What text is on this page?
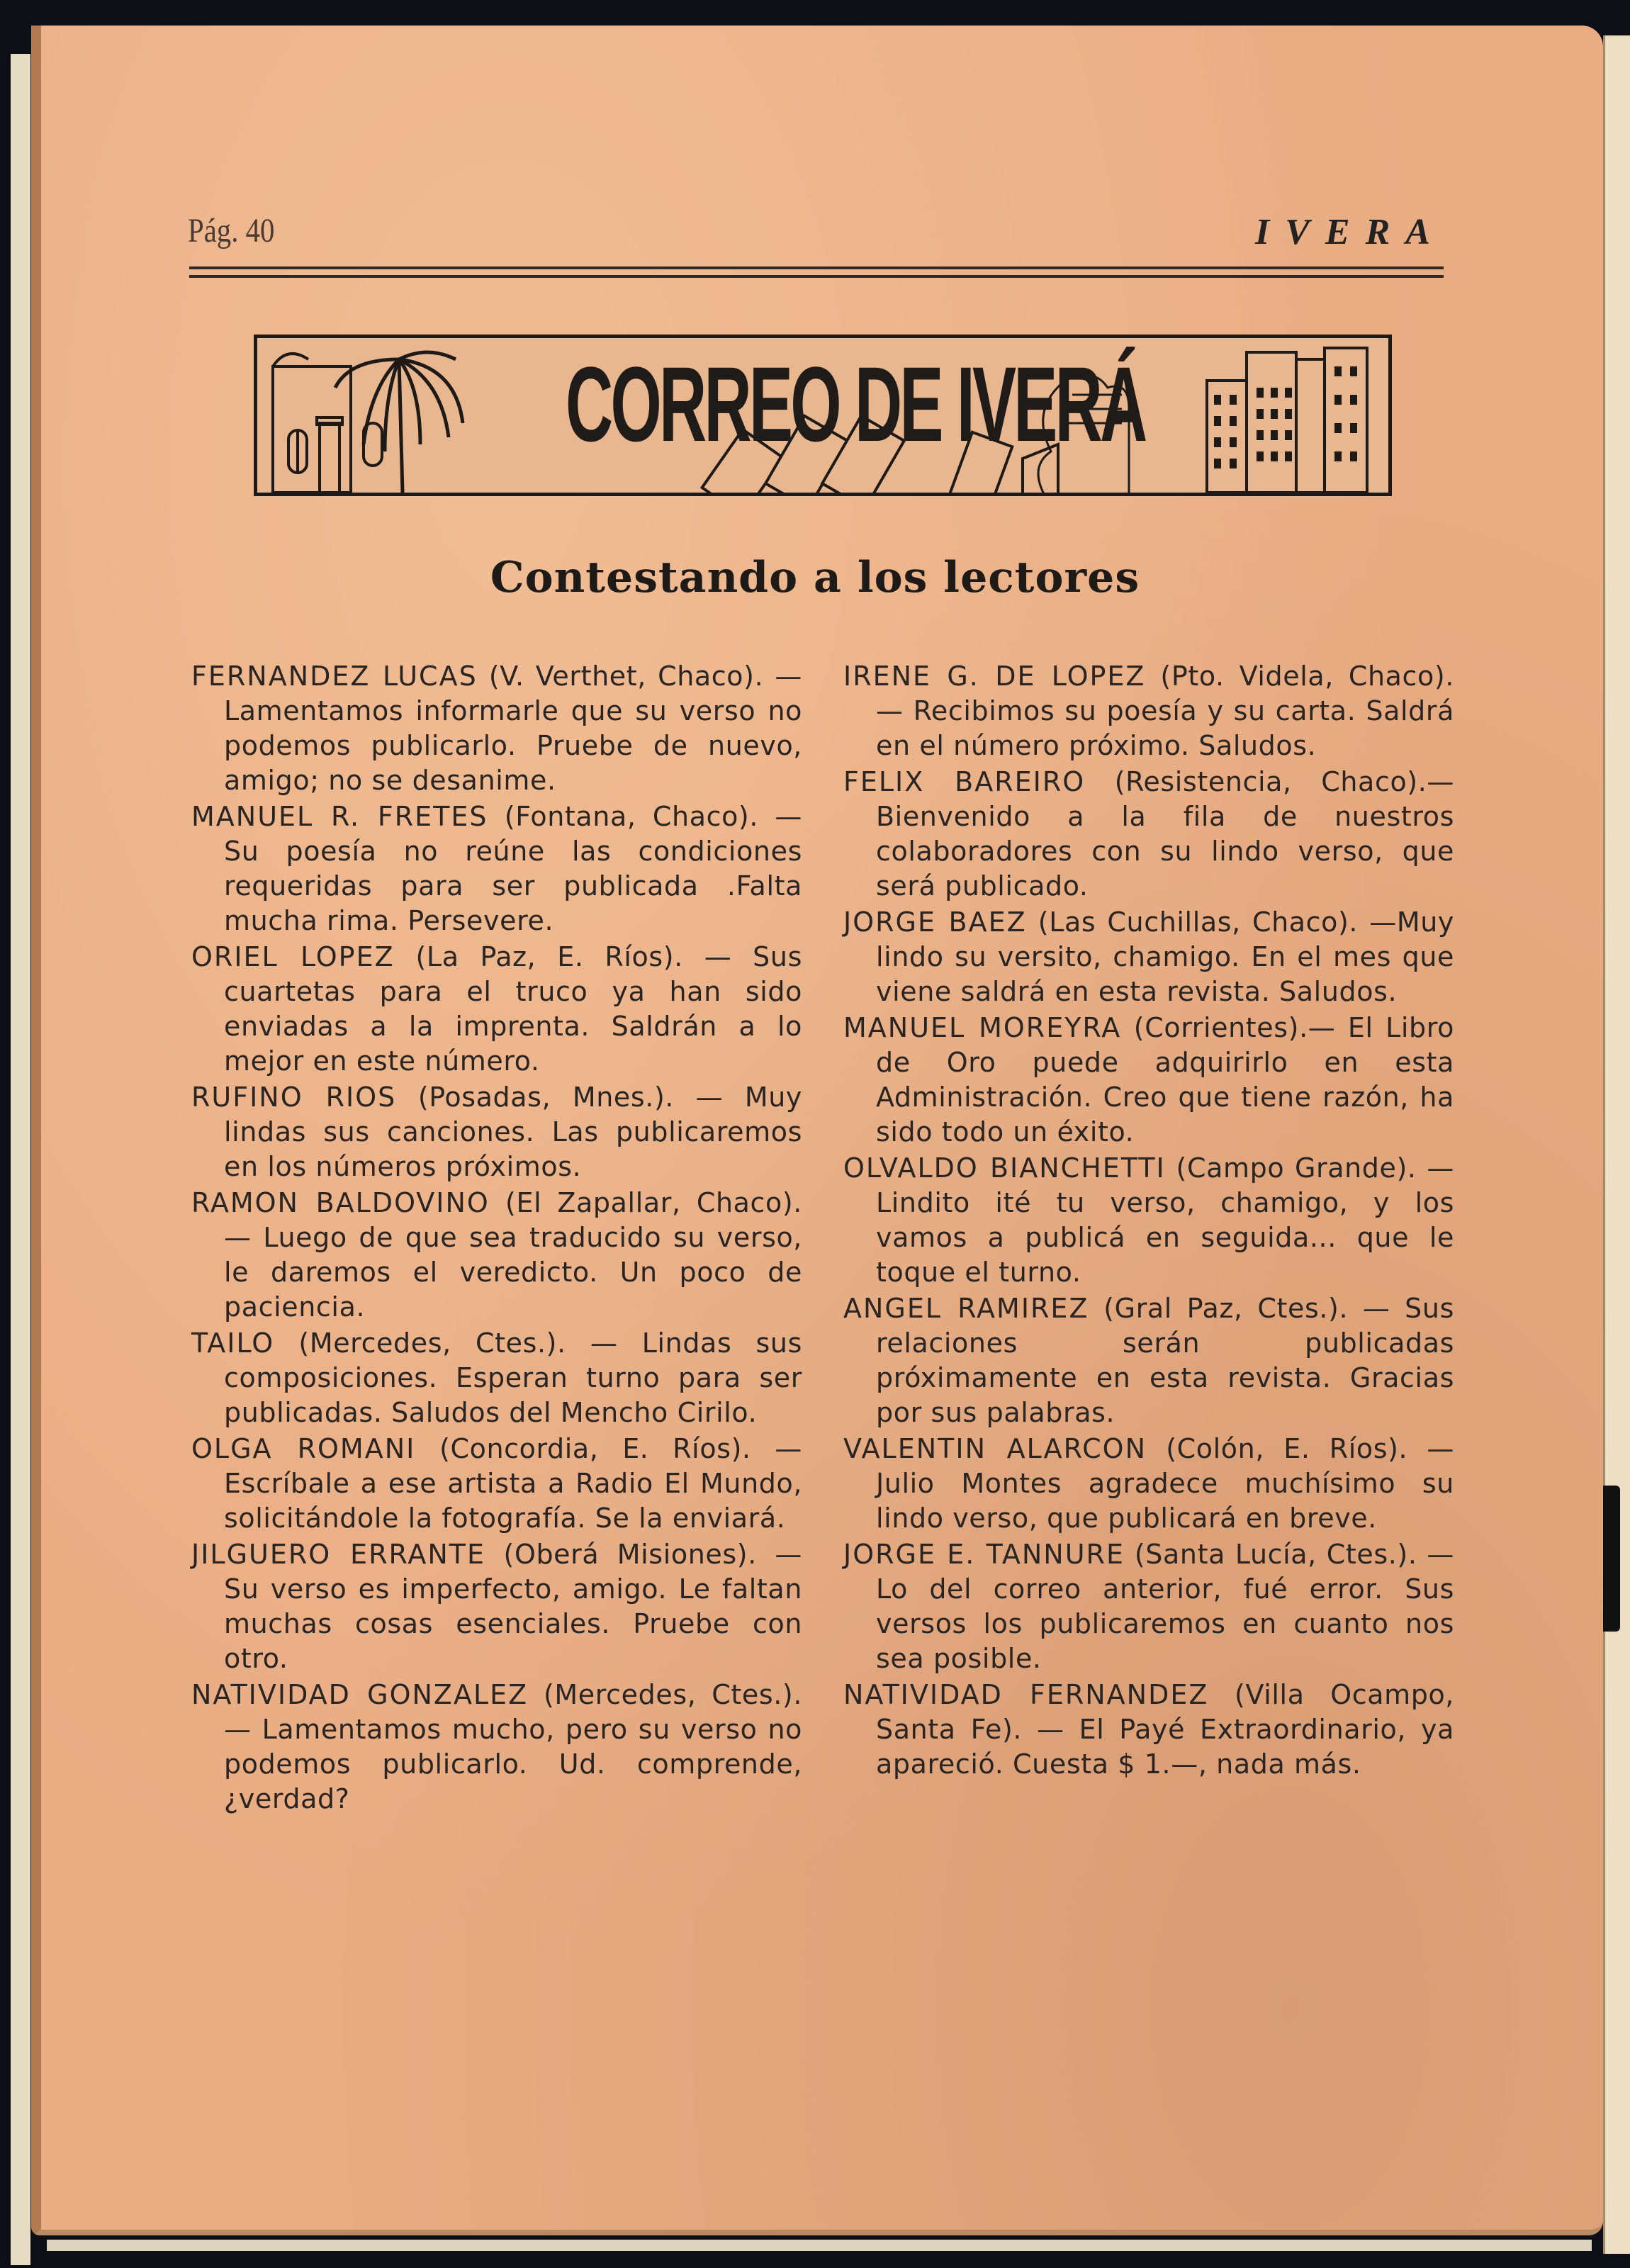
Pág. 40	IVERA
CORREO DE IVERÁ
Contestando a los lectores
FERNANDEZ LUCAS (V. Verthet, Chaco). — Lamentamos informarle que su verso no podemos publicarlo. Pruebe de nuevo, amigo; no se desanime.
MANUEL R. FRETES (Fontana, Chaco). — Su poesía no reúne las condiciones requeridas para ser publicada .Falta mucha rima. Persevere.
ORIEL LOPEZ (La Paz, E. Ríos). — Sus cuartetas para el truco ya han sido enviadas a la imprenta. Saldrán a lo mejor en este número.
RUFINO RIOS (Posadas, Mnes.). — Muy lindas sus canciones. Las publicaremos en los números próximos.
RAMON BALDOVINO (El Zapallar, Chaco). — Luego de que sea traducido su verso, le daremos el veredicto. Un poco de paciencia.
TAILO (Mercedes, Ctes.). — Lindas sus composiciones. Esperan turno para ser publicadas. Saludos del Mencho Cirilo.
OLGA ROMANI (Concordia, E. Ríos). — Escríbale a ese artista a Radio El Mundo, solicitándole la fotografía. Se la enviará.
JILGUERO ERRANTE (Oberá Misiones). — Su verso es imperfecto, amigo. Le faltan muchas cosas esenciales. Pruebe con otro.
NATIVIDAD GONZALEZ (Mercedes, Ctes.). — Lamentamos mucho, pero su verso no podemos publicarlo. Ud. comprende, ¿verdad?
IRENE G. DE LOPEZ (Pto. Videla, Chaco). — Recibimos su poesía y su carta. Saldrá en el número próximo. Saludos.
FELIX BAREIRO (Resistencia, Chaco).—Bienvenido a la fila de nuestros colaboradores con su lindo verso, que será publicado.
JORGE BAEZ (Las Cuchillas, Chaco). —Muy lindo su versito, chamigo. En el mes que viene saldrá en esta revista. Saludos.
MANUEL MOREYRA (Corrientes).— El Libro de Oro puede adquirirlo en esta Administración. Creo que tiene razón, ha sido todo un éxito.
OLVALDO BIANCHETTI (Campo Grande). — Lindito ité tu verso, chamigo, y los vamos a publicá en seguida... que le toque el turno.
ANGEL RAMIREZ (Gral Paz, Ctes.). — Sus relaciones serán publicadas próximamente en esta revista. Gracias por sus palabras.
VALENTIN ALARCON (Colón, E. Ríos). — Julio Montes agradece muchísimo su lindo verso, que publicará en breve.
JORGE E. TANNURE (Santa Lucía, Ctes.). — Lo del correo anterior, fué error. Sus versos los publicaremos en cuanto nos sea posible.
NATIVIDAD FERNANDEZ (Villa Ocampo, Santa Fe). — El Payé Extraordinario, ya apareció. Cuesta $ 1.—, nada más.
